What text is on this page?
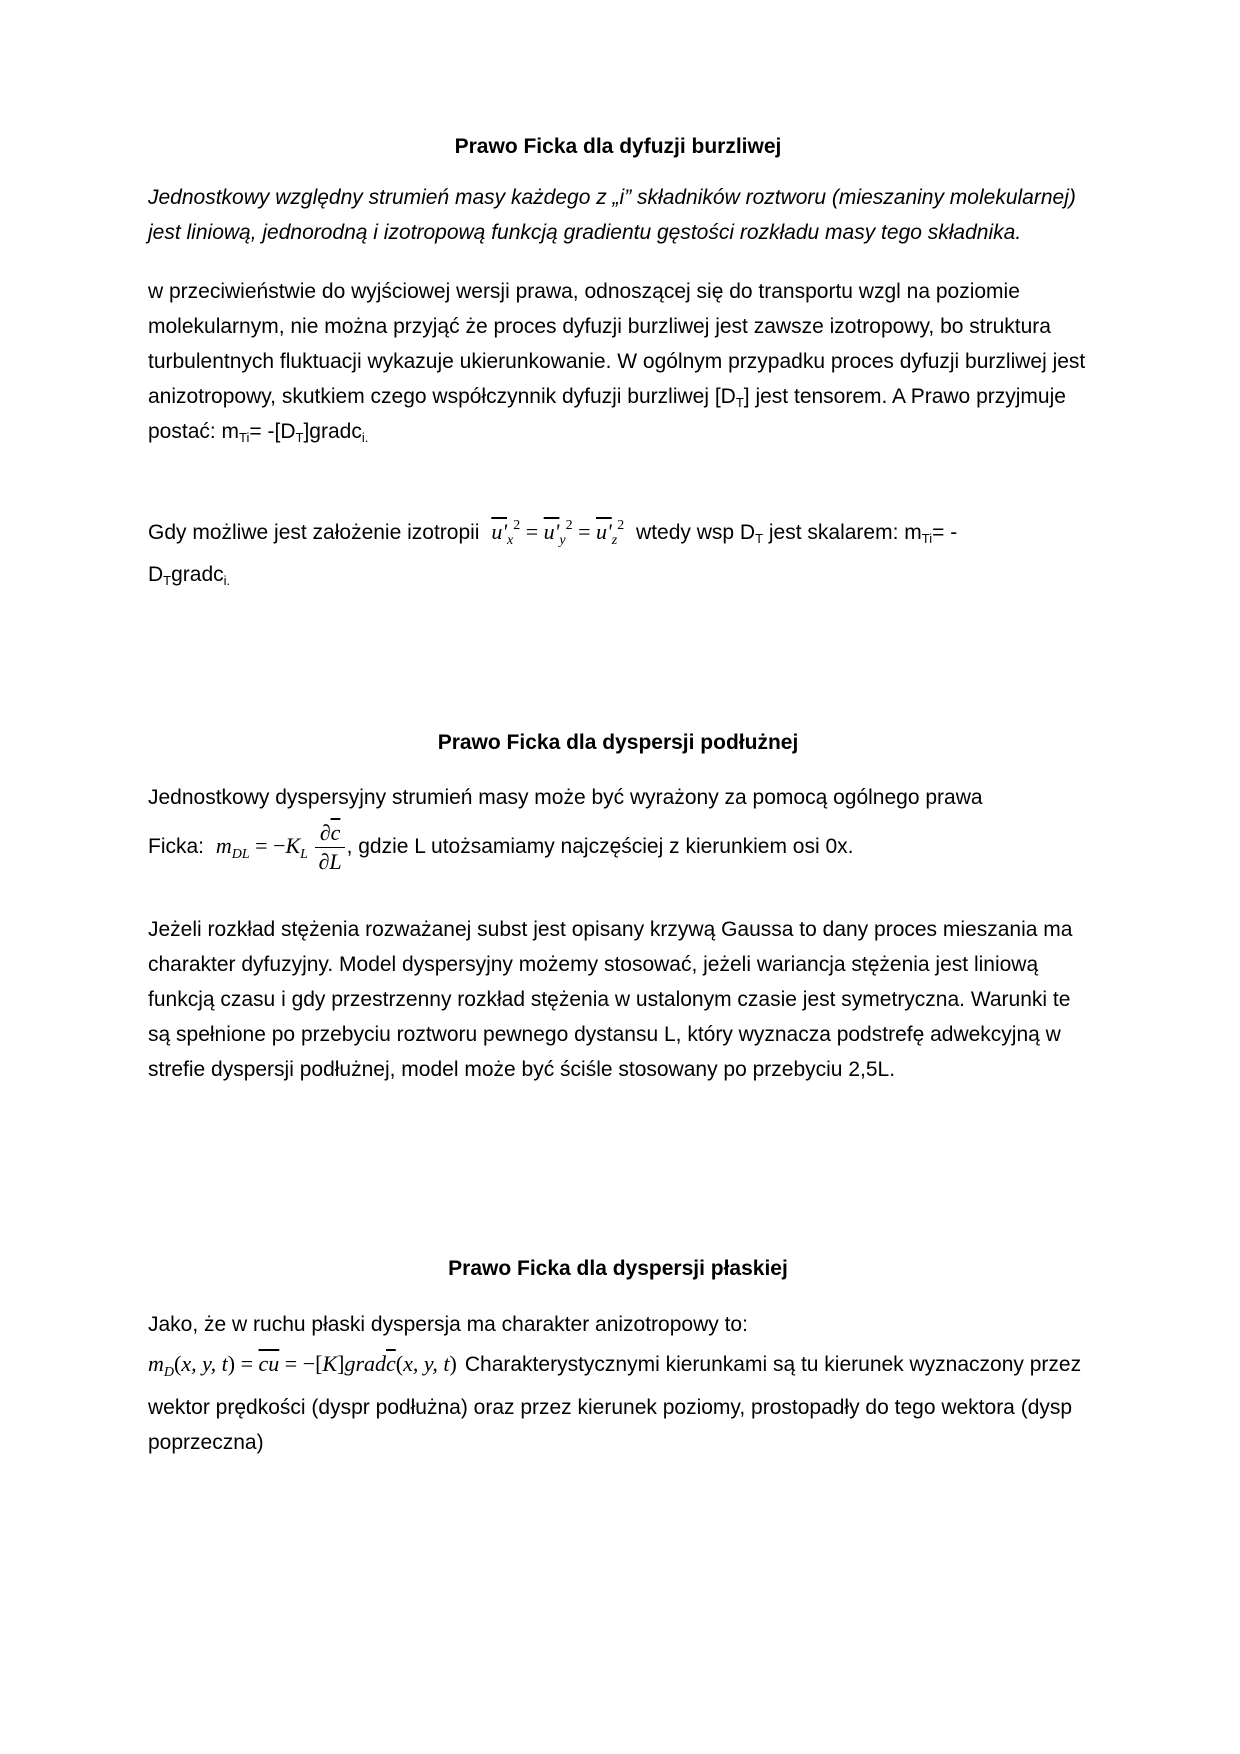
Prawo Ficka dla dyfuzji burzliwej

Jednostkowy względny strumień masy każdego z „i” składników roztworu (mieszaniny molekularnej) jest liniową, jednorodną i izotropową funkcją gradientu gęstości rozkładu masy tego składnika.

w przeciwieństwie do wyjściowej wersji prawa, odnoszącej się do transportu wzgl na poziomie molekularnym, nie można przyjąć że proces dyfuzji burzliwej jest zawsze izotropowy, bo struktura turbulentnych fluktuacji wykazuje ukierunkowanie. W ogólnym przypadku proces dyfuzji burzliwej jest anizotropowy, skutkiem czego współczynnik dyfuzji burzliwej $[D_T]$ jest tensorem. A Prawo przyjmuje postać: $m_{Ti}=$ $-[D_T]gradc_{i.}$

Gdy możliwe jest założenie izotropii $u'_x^2 = u'_y^2 = u'_z^2$ wtedy wsp $D_T$ jest skalarem: $m_{Ti}=$ -
$D_Tgradc_{i.}$
Prawo Ficka dla dyspersji podłużnej

Jednostkowy dyspersyjny strumień masy może być wyrażony za pomocą ogólnego prawa

Ficka: $m_{DL} = -K_L \frac{\partial\overline{c}}{\partial L}$ , gdzie L utożsamiamy najczęściej z kierunkiem osi 0x.

Jeżeli rozkład stężenia rozważanej subst jest opisany krzywą Gaussa to dany proces mieszania ma charakter dyfuzyjny. Model dyspersyjny możemy stosować, jeżeli wariancja stężenia jest liniową funkcją czasu i gdy przestrzenny rozkład stężenia w ustalonym czasie jest symetryczna. Warunki te są spełnione po przebyciu roztworu pewnego dystansu L, który wyznacza podstrefę adwekcyjną w strefie dyspersji podłużnej, model może być ściśle stosowany po przebyciu 2,5L.

Prawo Ficka dla dyspersji płaskiej

Jako, że w ruchu płaski dyspersja ma charakter anizotropowy to:

$m_D(x$, y, $t) = \overline{cu}$ = $-[K]grad\overline{c}(x$, y, t) Charakterystycznymi kierunkami są tu kierunek wyznaczony przez wektor prędkości (dyspr podłużna) oraz przez kierunek poziomy, prostopadły do tego wektora (dysp poprzeczna)
